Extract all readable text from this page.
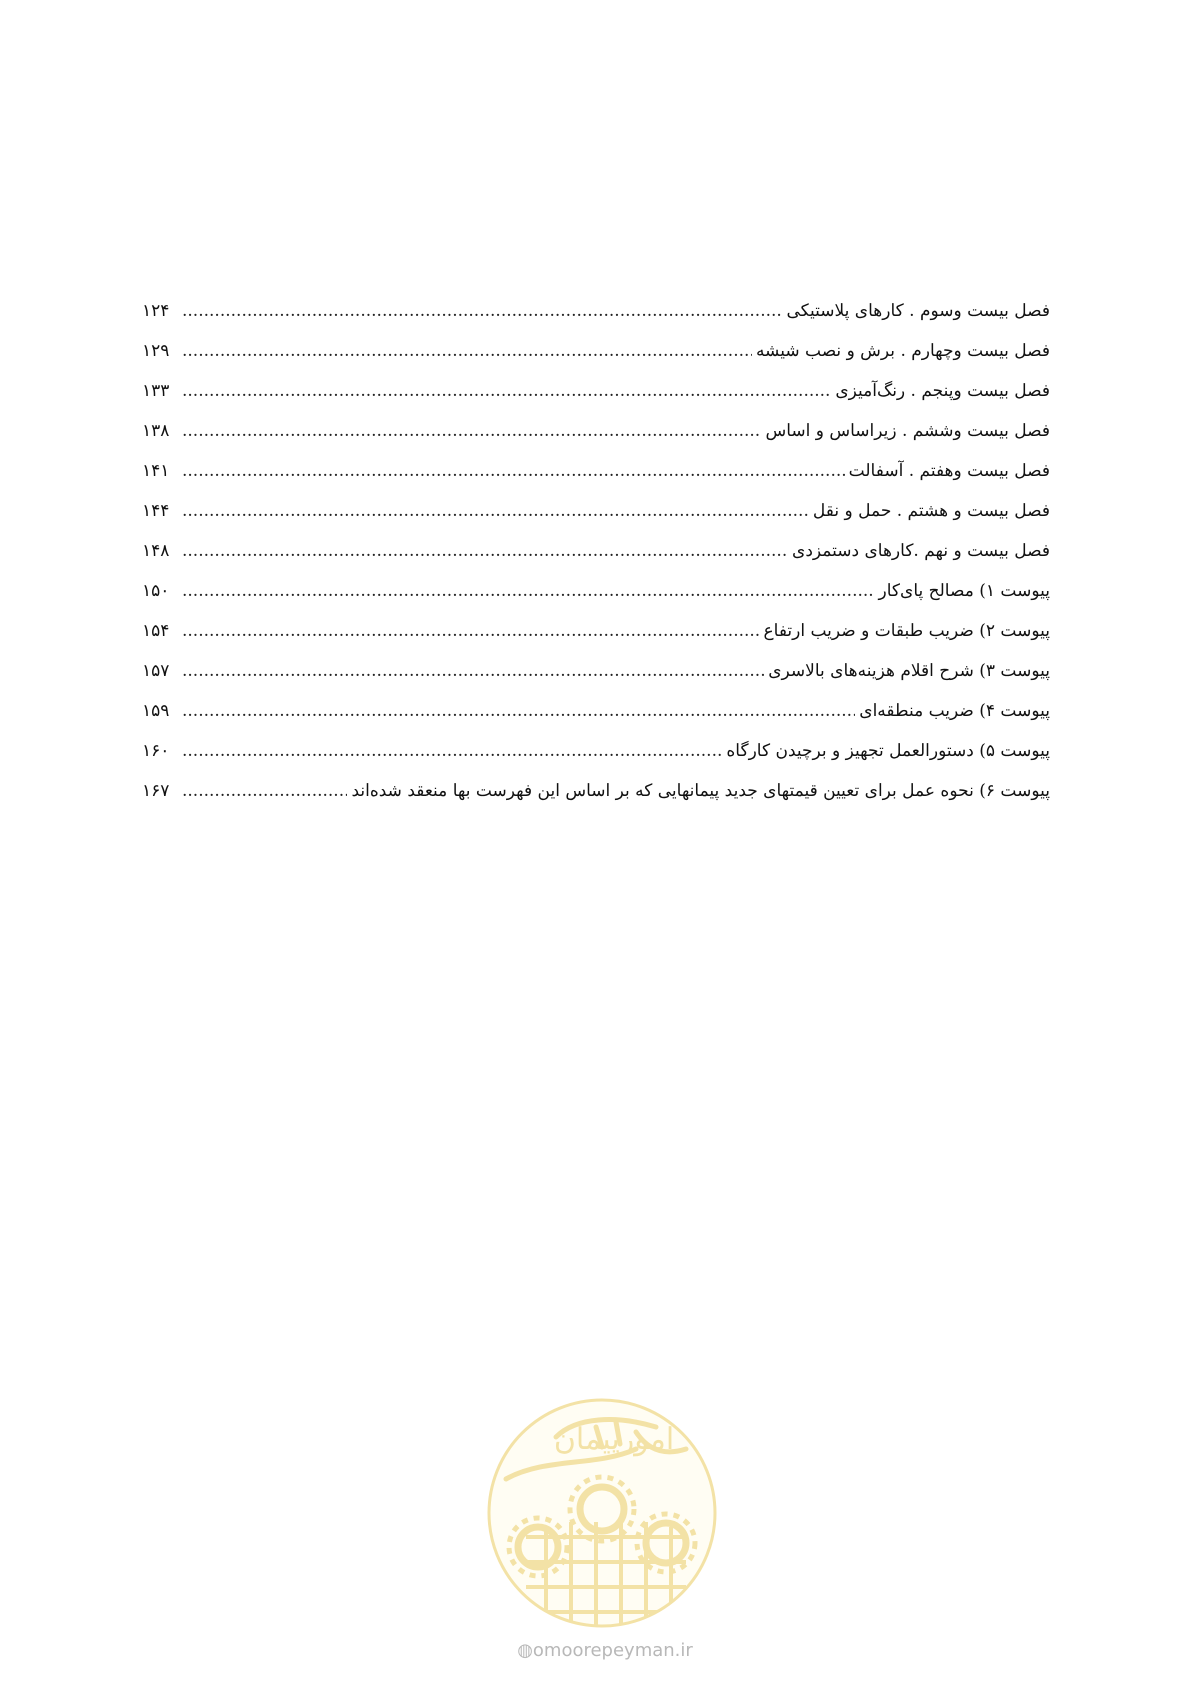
فصل بیست وسوم . کارهای پلاستیکی
.....
۱۲۴
فصل بیست وچهارم . برش و نصب شیشه
.....
۱۲۹
فصل بیست وپنجم . رنگ‌آمیزی
.....
۱۳۳
فصل بیست وششم . زیراساس و اساس
.....
۱۳۸
فصل بیست وهفتم . آسفالت
.....
۱۴۱
فصل بیست و هشتم . حمل و نقل
.....
۱۴۴
فصل بیست و نهم .کارهای دستمزدی
.....
۱۴۸
پیوست ۱) مصالح پای‌کار
.....
۱۵۰
پیوست ۲) ضریب طبقات و ضریب ارتفاع
.....
۱۵۴
پیوست ۳) شرح اقلام هزینه‌های بالاسری
.....
۱۵۷
پیوست ۴) ضریب منطقه‌ای
.....
۱۵۹
پیوست ۵) دستورالعمل تجهیز و برچیدن کارگاه
.....
۱۶۰
پیوست ۶) نحوه عمل برای تعیین قیمتهای جدید پیمانهایی که بر اساس این فهرست بها منعقد شده‌اند
.....
۱۶۷
امورپیمان
◍omoorepeyman.ir
